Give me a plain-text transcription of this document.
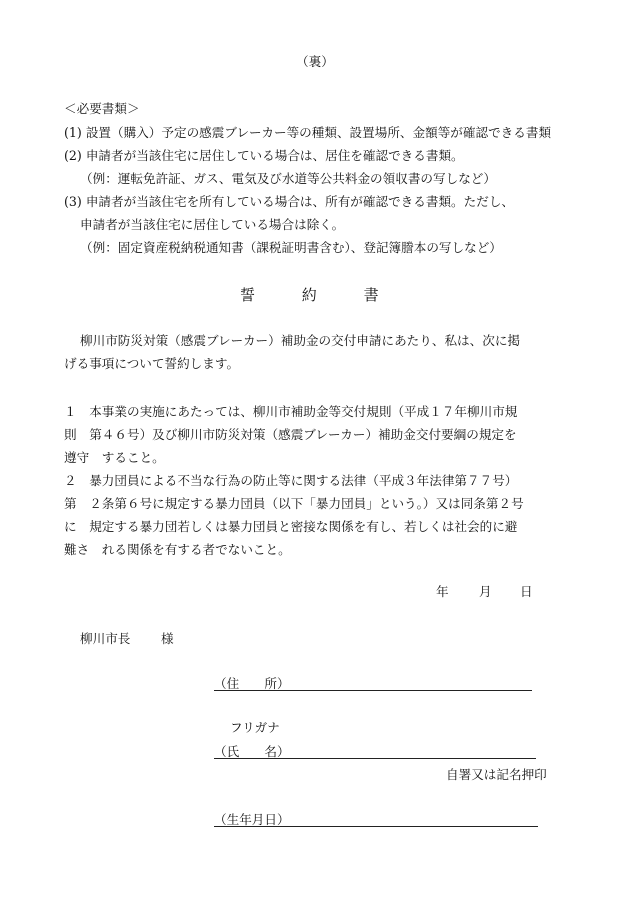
（裏）
＜必要書類＞
(1) 設置（購入）予定の感震ブレーカー等の種類、設置場所、金額等が確認できる書類
(2) 申請者が当該住宅に居住している場合は、居住を確認できる書類。
（例：運転免許証、ガス、電気及び水道等公共料金の領収書の写しなど）
(3) 申請者が当該住宅を所有している場合は、所有が確認できる書類。ただし、
申請者が当該住宅に居住している場合は除く。
（例：固定資産税納税通知書（課税証明書含む）、登記簿謄本の写しなど）
誓	約	書
柳川市防災対策（感震ブレーカー）補助金の交付申請にあたり、私は、次に掲
げる事項について誓約します。
１　本事業の実施にあたっては、柳川市補助金等交付規則（平成１７年柳川市規
則　第４６号）及び柳川市防災対策（感震ブレーカー）補助金交付要綱の規定を
遵守　すること。
２　暴力団員による不当な行為の防止等に関する法律（平成３年法律第７７号）
第　２条第６号に規定する暴力団員（以下「暴力団員」という。）又は同条第２号
に　規定する暴力団若しくは暴力団員と密接な関係を有し、若しくは社会的に避
難さ　れる関係を有する者でないこと。
年 月 日
柳川市長 様
（住　　所）
フリガナ
（氏　　名）
自署又は記名押印
（生年月日）
